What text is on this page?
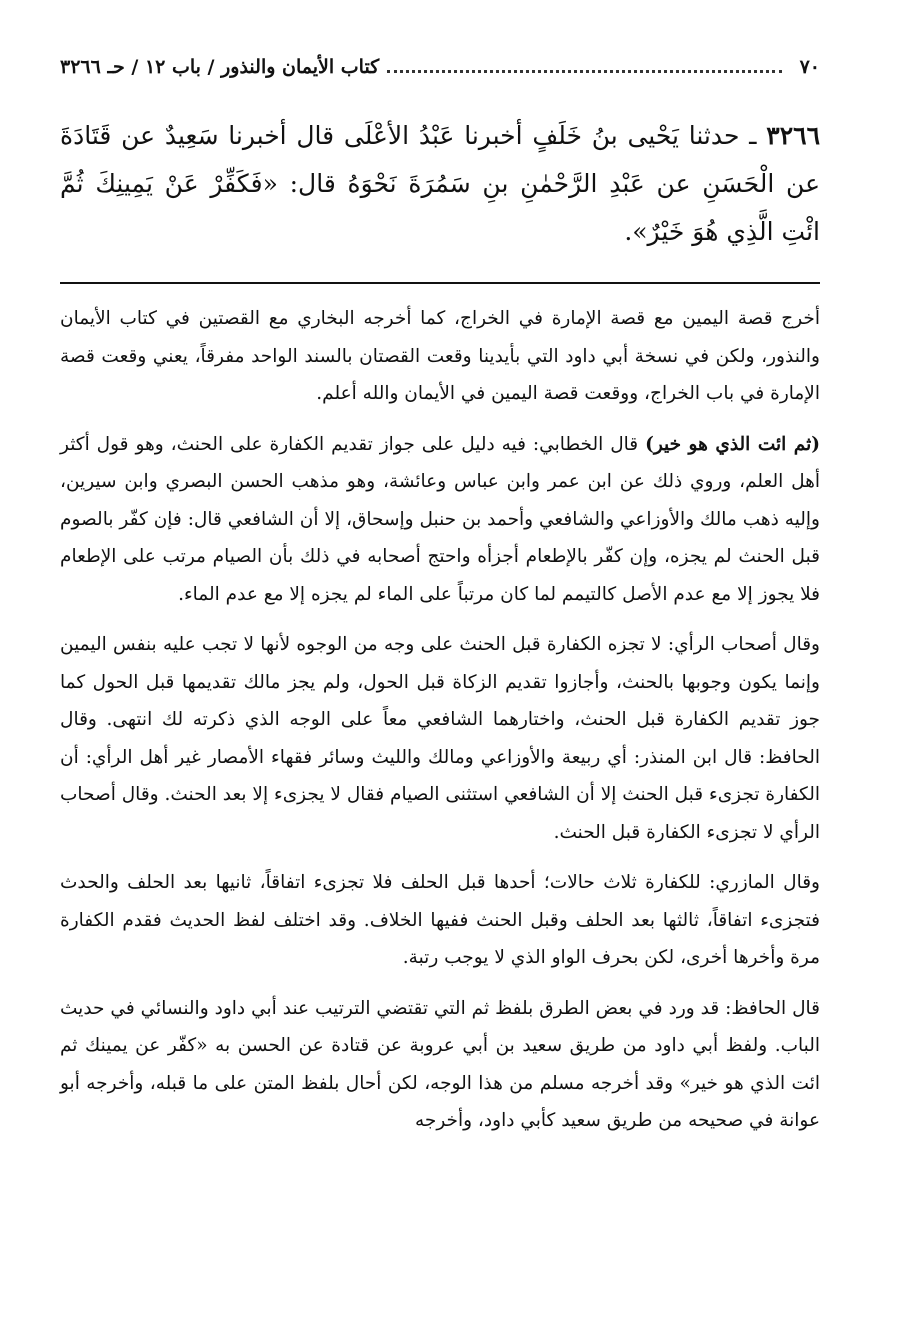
٧٠
كتاب الأيمان والنذور / باب ١٢ / حـ ٣٢٦٦
٣٢٦٦ ـ حدثنا يَحْيى بنُ خَلَفٍ أخبرنا عَبْدُ الأعْلَى قال أخبرنا سَعِيدٌ عن قَتَادَةَ عن الْحَسَنِ عن عَبْدِ الرَّحْمٰنِ بنِ سَمُرَةَ نَحْوَهُ قال: «فَكَفِّرْ عَنْ يَمِينِكَ ثُمَّ ائْتِ الَّذِي هُوَ خَيْرٌ».

أخرج قصة اليمين مع قصة الإمارة في الخراج، كما أخرجه البخاري مع القصتين في كتاب الأيمان والنذور، ولكن في نسخة أبي داود التي بأيدينا وقعت القصتان بالسند الواحد مفرقاً، يعني وقعت قصة الإمارة في باب الخراج، ووقعت قصة اليمين في الأيمان والله أعلم.

(ثم ائت الذي هو خير) قال الخطابي: فيه دليل على جواز تقديم الكفارة على الحنث، وهو قول أكثر أهل العلم، وروي ذلك عن ابن عمر وابن عباس وعائشة، وهو مذهب الحسن البصري وابن سيرين، وإليه ذهب مالك والأوزاعي والشافعي وأحمد بن حنبل وإسحاق، إلا أن الشافعي قال: فإن كفّر بالصوم قبل الحنث لم يجزه، وإن كفّر بالإطعام أجزأه واحتج أصحابه في ذلك بأن الصيام مرتب على الإطعام فلا يجوز إلا مع عدم الأصل كالتيمم لما كان مرتباً على الماء لم يجزه إلا مع عدم الماء.

وقال أصحاب الرأي: لا تجزه الكفارة قبل الحنث على وجه من الوجوه لأنها لا تجب عليه بنفس اليمين وإنما يكون وجوبها بالحنث، وأجازوا تقديم الزكاة قبل الحول، ولم يجز مالك تقديمها قبل الحول كما جوز تقديم الكفارة قبل الحنث، واختارهما الشافعي معاً على الوجه الذي ذكرته لك انتهى. وقال الحافظ: قال ابن المنذر: أي ربيعة والأوزاعي ومالك والليث وسائر فقهاء الأمصار غير أهل الرأي: أن الكفارة تجزىء قبل الحنث إلا أن الشافعي استثنى الصيام فقال لا يجزىء إلا بعد الحنث. وقال أصحاب الرأي لا تجزىء الكفارة قبل الحنث.

وقال المازري: للكفارة ثلاث حالات؛ أحدها قبل الحلف فلا تجزىء اتفاقاً، ثانيها بعد الحلف والحدث فتجزىء اتفاقاً، ثالثها بعد الحلف وقبل الحنث ففيها الخلاف. وقد اختلف لفظ الحديث فقدم الكفارة مرة وأخرها أخرى، لكن بحرف الواو الذي لا يوجب رتبة.

قال الحافظ: قد ورد في بعض الطرق بلفظ ثم التي تقتضي الترتيب عند أبي داود والنسائي في حديث الباب. ولفظ أبي داود من طريق سعيد بن أبي عروبة عن قتادة عن الحسن به «كفّر عن يمينك ثم ائت الذي هو خير» وقد أخرجه مسلم من هذا الوجه، لكن أحال بلفظ المتن على ما قبله، وأخرجه أبو عوانة في صحيحه من طريق سعيد كأبي داود، وأخرجه
